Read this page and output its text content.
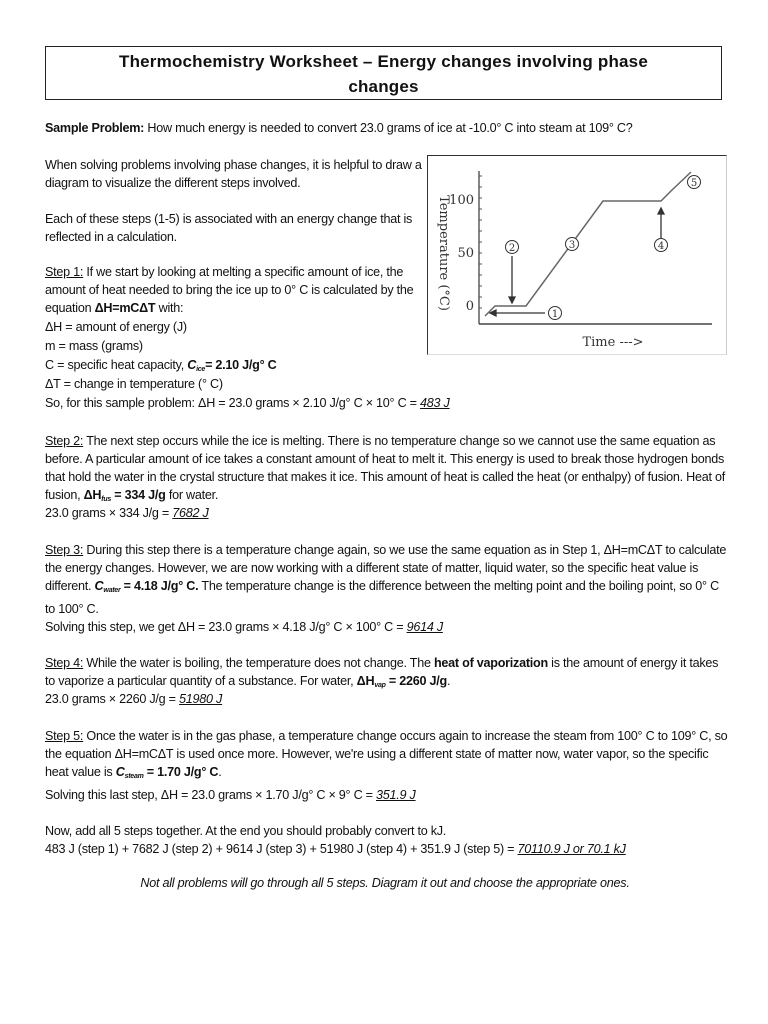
Thermochemistry Worksheet – Energy changes involving phase
changes
Sample Problem: How much energy is needed to convert 23.0 grams of ice at -10.0° C into steam at 109° C?
When solving problems involving phase changes, it is helpful to draw a diagram to visualize the different steps involved.
Each of these steps (1-5) is associated with an energy change that is reflected in a calculation.
Step 1: If we start by looking at melting a specific amount of ice, the amount of heat needed to bring the ice up to 0° C is calculated by the equation ΔH=mCΔT with:
ΔH = amount of energy (J)
m = mass (grams)
C = specific heat capacity, $C_{ice}= 2.10$ J/g° C
ΔT = change in temperature (° C)
So, for this sample problem: ΔH = 23.0 grams × 2.10 J/g° C × 10° C = 483 J
Step 2: The next step occurs while the ice is melting. There is no temperature change so we cannot use the same equation as before. A particular amount of ice takes a constant amount of heat to melt it. This energy is used to break those hydrogen bonds that hold the water in the crystal structure that makes it ice. This amount of heat is called the heat (or enthalpy) of fusion. Heat of fusion, $\Delta H_{fus} = 334$ J/g for water.
23.0 grams × 334 J/g = 7682 J
Step 3: During this step there is a temperature change again, so we use the same equation as in Step 1, ΔH=mCΔT to calculate the energy changes. However, we are now working with a different state of matter, liquid water, so the specific heat value is different. $C_{water} = 4.18$ J/g° C. The temperature change is the difference between the melting point and the boiling point, so 0° C to 100° C.
Solving this step, we get ΔH = 23.0 grams × 4.18 J/g° C × 100° C = 9614 J
Step 4: While the water is boiling, the temperature does not change. The heat of vaporization is the amount of energy it takes to vaporize a particular quantity of a substance. For water, $\Delta H_{vap} = 2260$ J/g.
23.0 grams × 2260 J/g = 51980 J
Step 5: Once the water is in the gas phase, a temperature change occurs again to increase the steam from 100° C to 109° C, so the equation ΔH=mCΔT is used once more. However, we're using a different state of matter now, water vapor, so the specific heat value is $C_{steam} = 1.70$ J/g° C.
Solving this last step, ΔH = 23.0 grams × 1.70 J/g° C × 9° C = 351.9 J
Now, add all 5 steps together. At the end you should probably convert to kJ.
483 J (step 1) + 7682 J (step 2) + 9614 J (step 3) + 51980 J (step 4) + 351.9 J (step 5) = 70110.9 J or 70.1 kJ
Not all problems will go through all 5 steps. Diagram it out and choose the appropriate ones.
100
50
0
Temperature (°C)
Time --->
1
2	3	4
5
